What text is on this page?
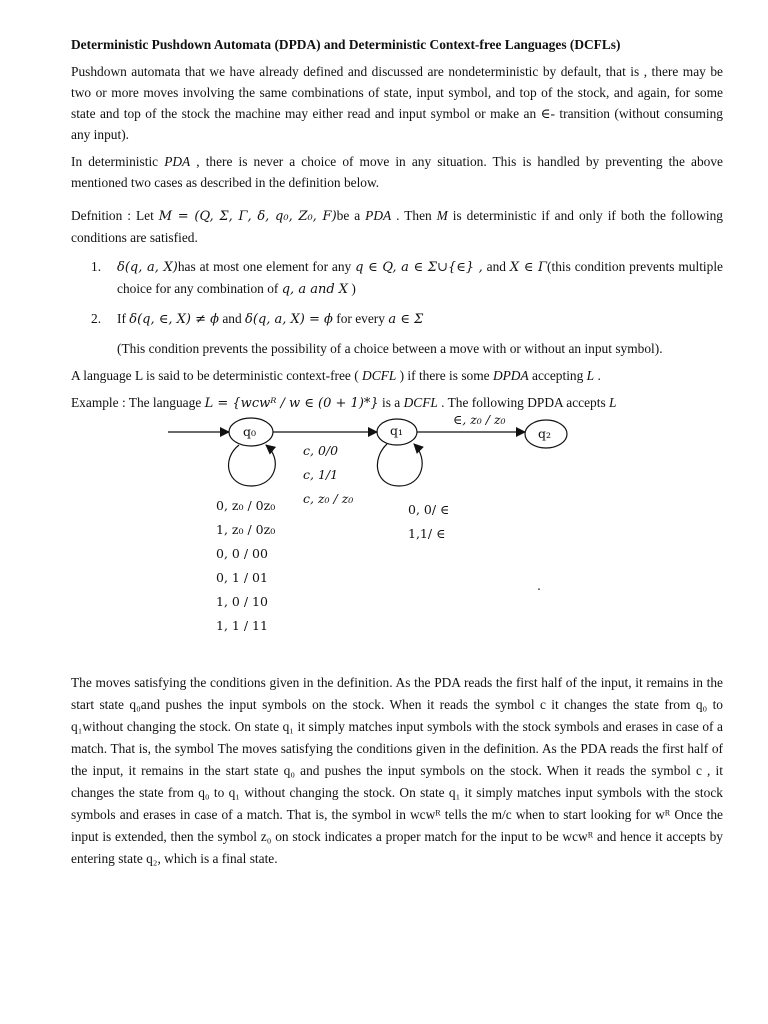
Deterministic Pushdown Automata (DPDA) and Deterministic Context-free Languages (DCFLs)

Pushdown automata that we have already defined and discussed are nondeterministic by default, that is , there may be two or more moves involving the same combinations of state, input symbol, and top of the stock, and again, for some state and top of the stock the machine may either read and input symbol or make an ∈- transition (without consuming any input).

In deterministic PDA , there is never a choice of move in any situation. This is handled by preventing the above mentioned two cases as described in the definition below.

Defnition : Let M = (Q, Σ, Γ, δ, q₀, Z₀, F)be a PDA . Then M is deterministic if and only if both the following conditions are satisfied.

1.	δ(q, a, X)has at most one element for any q ∈ Q, a ∈ Σ∪{∈} , and X ∈ Γ(this condition prevents multiple choice for any combination of q, a and X )
2.	If δ(q, ∈, X) ≠ ϕ and δ(q, a, X) = ϕ for every a ∈ Σ
(This condition prevents the possibility of a choice between a move with or without an input symbol).

A language L is said to be deterministic context-free ( DCFL ) if there is some DPDA accepting L .

Example : The language L = {wcwᴿ / w ∈ (0 + 1)*} is a DCFL . The following DPDA accepts L

q₀	q₁	q₂
c, 0/0
c, 1/1
c, z₀ / z₀
∈, z₀ / z₀
0, z₀ / 0z₀
1, z₀ / 0z₀
0, 0 / 00
0, 1 / 01
1, 0 / 10
1, 1 / 11
0, 0/ ∈
1,1/ ∈
.

The moves satisfying the conditions given in the definition. As the PDA reads the first half of the input, it remains in the start state q₀and pushes the input symbols on the stock. When it reads the symbol c it changes the state from q₀ to q₁without changing the stock. On state q₁ it simply matches input symbols with the stock symbols and erases in case of a match. That is, the symbol The moves satisfying the conditions given in the definition. As the PDA reads the first half of the input, it remains in the start state q₀ and pushes the input symbols on the stock. When it reads the symbol c , it changes the state from q₀ to q₁ without changing the stock. On state q₁ it simply matches input symbols with the stock symbols and erases in case of a match. That is, the symbol in wcwᴿ tells the m/c when to start looking for wᴿ Once the input is extended, then the symbol z₀ on stock indicates a proper match for the input to be wcwᴿ and hence it accepts by entering state q₂, which is a final state.
